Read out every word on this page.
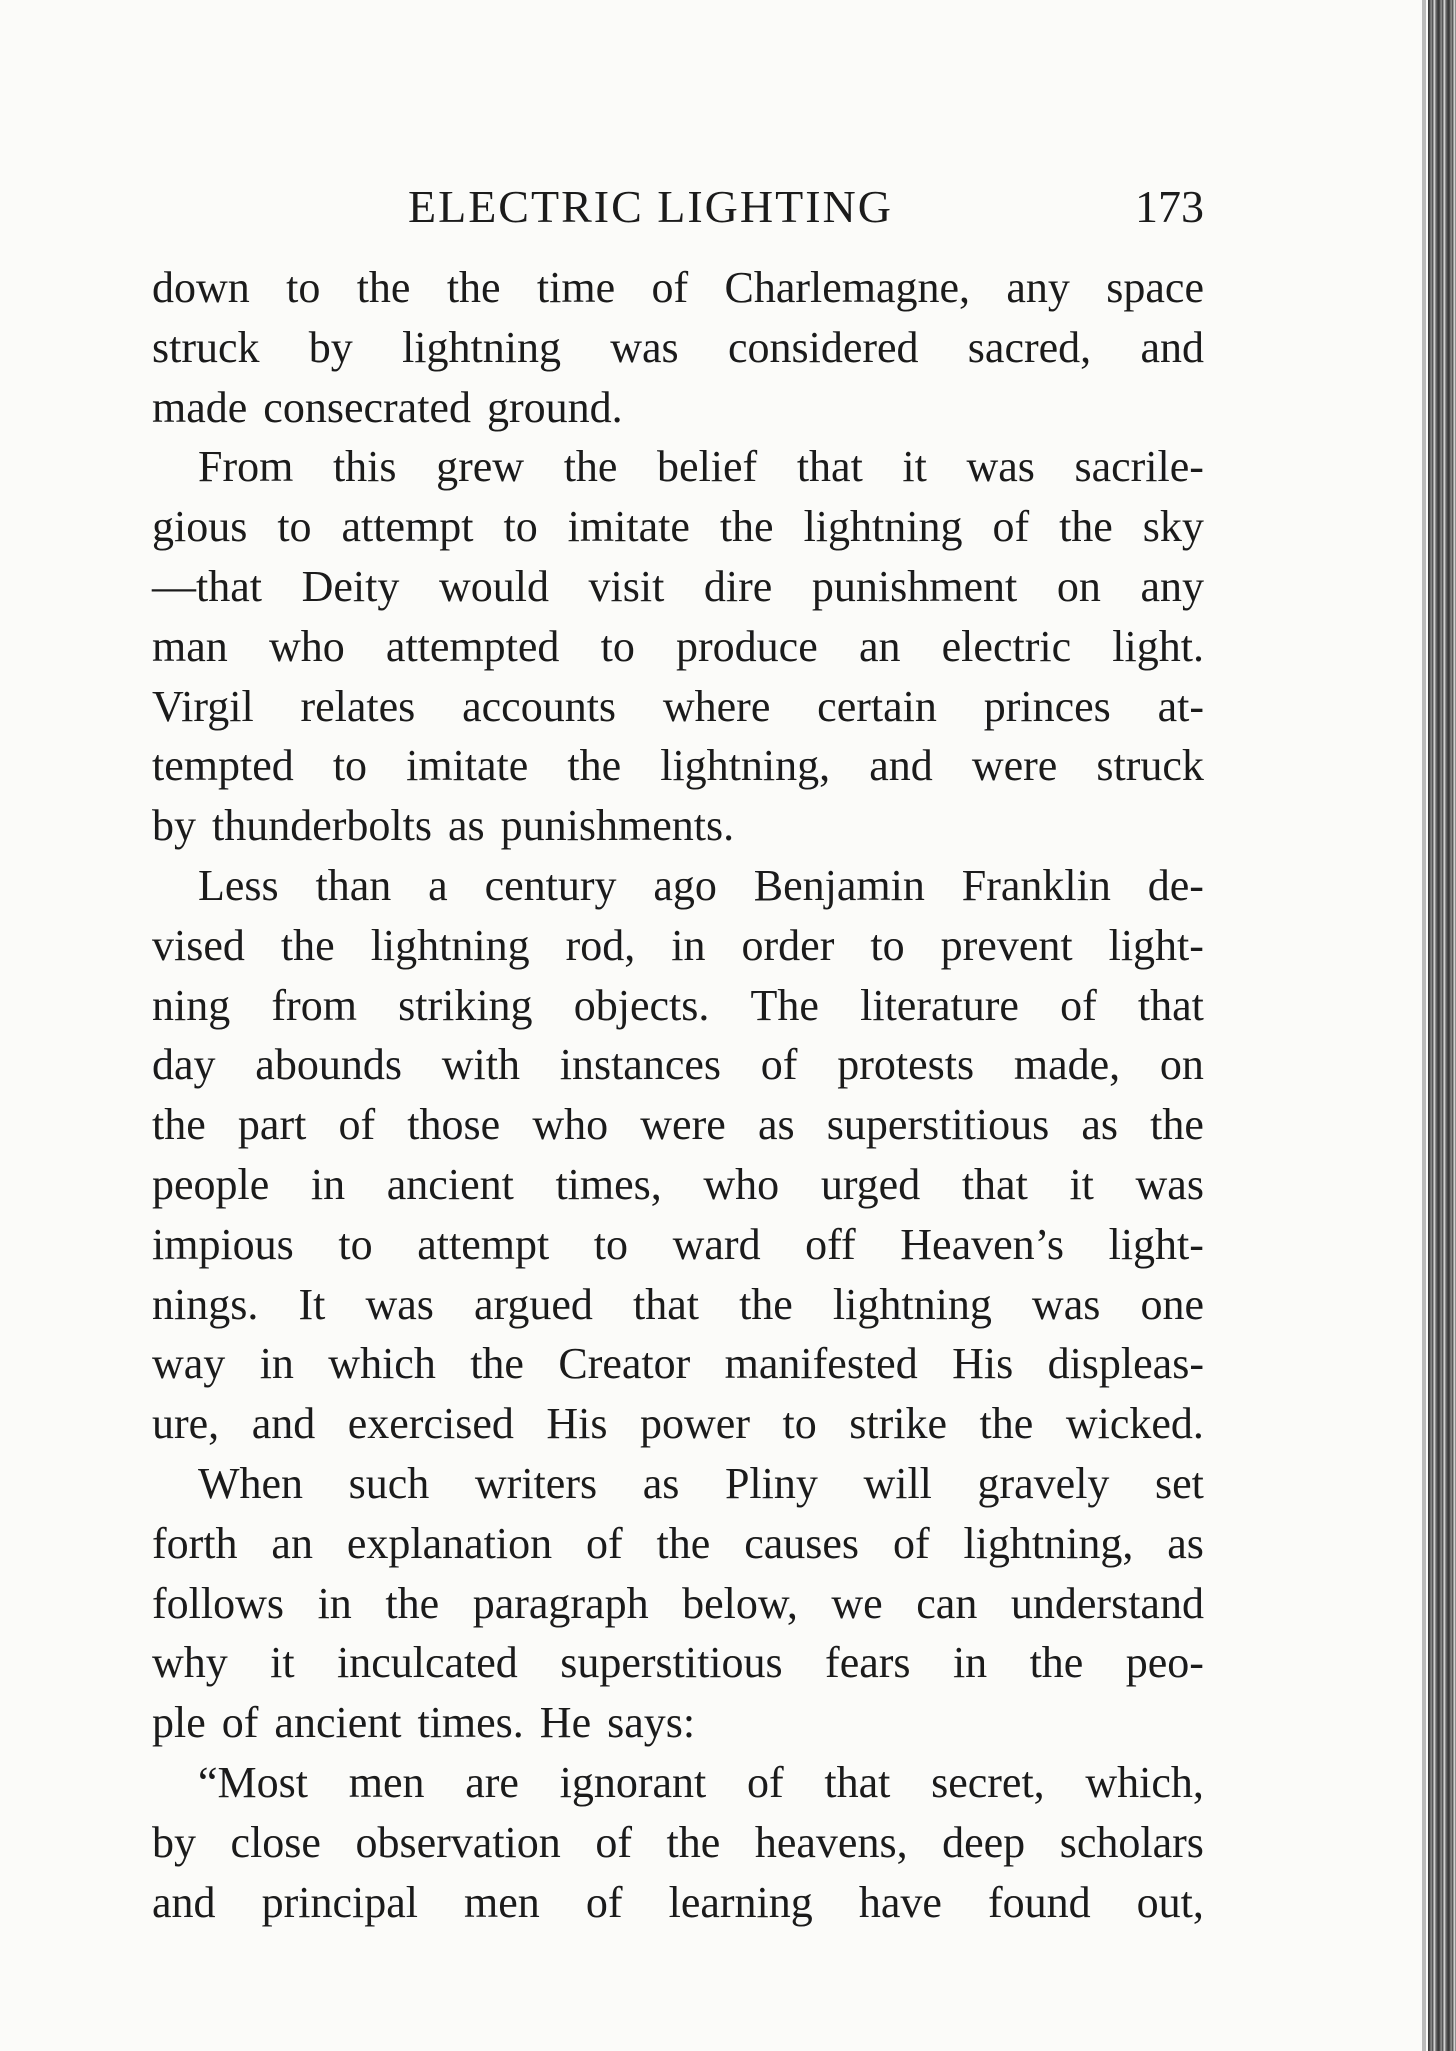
ELECTRIC LIGHTING	173
down to the the time of Charlemagne, any space
struck by lightning was considered sacred, and
made consecrated ground.
From this grew the belief that it was sacrile-
gious to attempt to imitate the lightning of the sky
—that Deity would visit dire punishment on any
man who attempted to produce an electric light.
Virgil relates accounts where certain princes at-
tempted to imitate the lightning, and were struck
by thunderbolts as punishments.
Less than a century ago Benjamin Franklin de-
vised the lightning rod, in order to prevent light-
ning from striking objects. The literature of that
day abounds with instances of protests made, on
the part of those who were as superstitious as the
people in ancient times, who urged that it was
impious to attempt to ward off Heaven’s light-
nings. It was argued that the lightning was one
way in which the Creator manifested His displeas-
ure, and exercised His power to strike the wicked.
When such writers as Pliny will gravely set
forth an explanation of the causes of lightning, as
follows in the paragraph below, we can understand
why it inculcated superstitious fears in the peo-
ple of ancient times. He says:
“Most men are ignorant of that secret, which,
by close observation of the heavens, deep scholars
and principal men of learning have found out,
